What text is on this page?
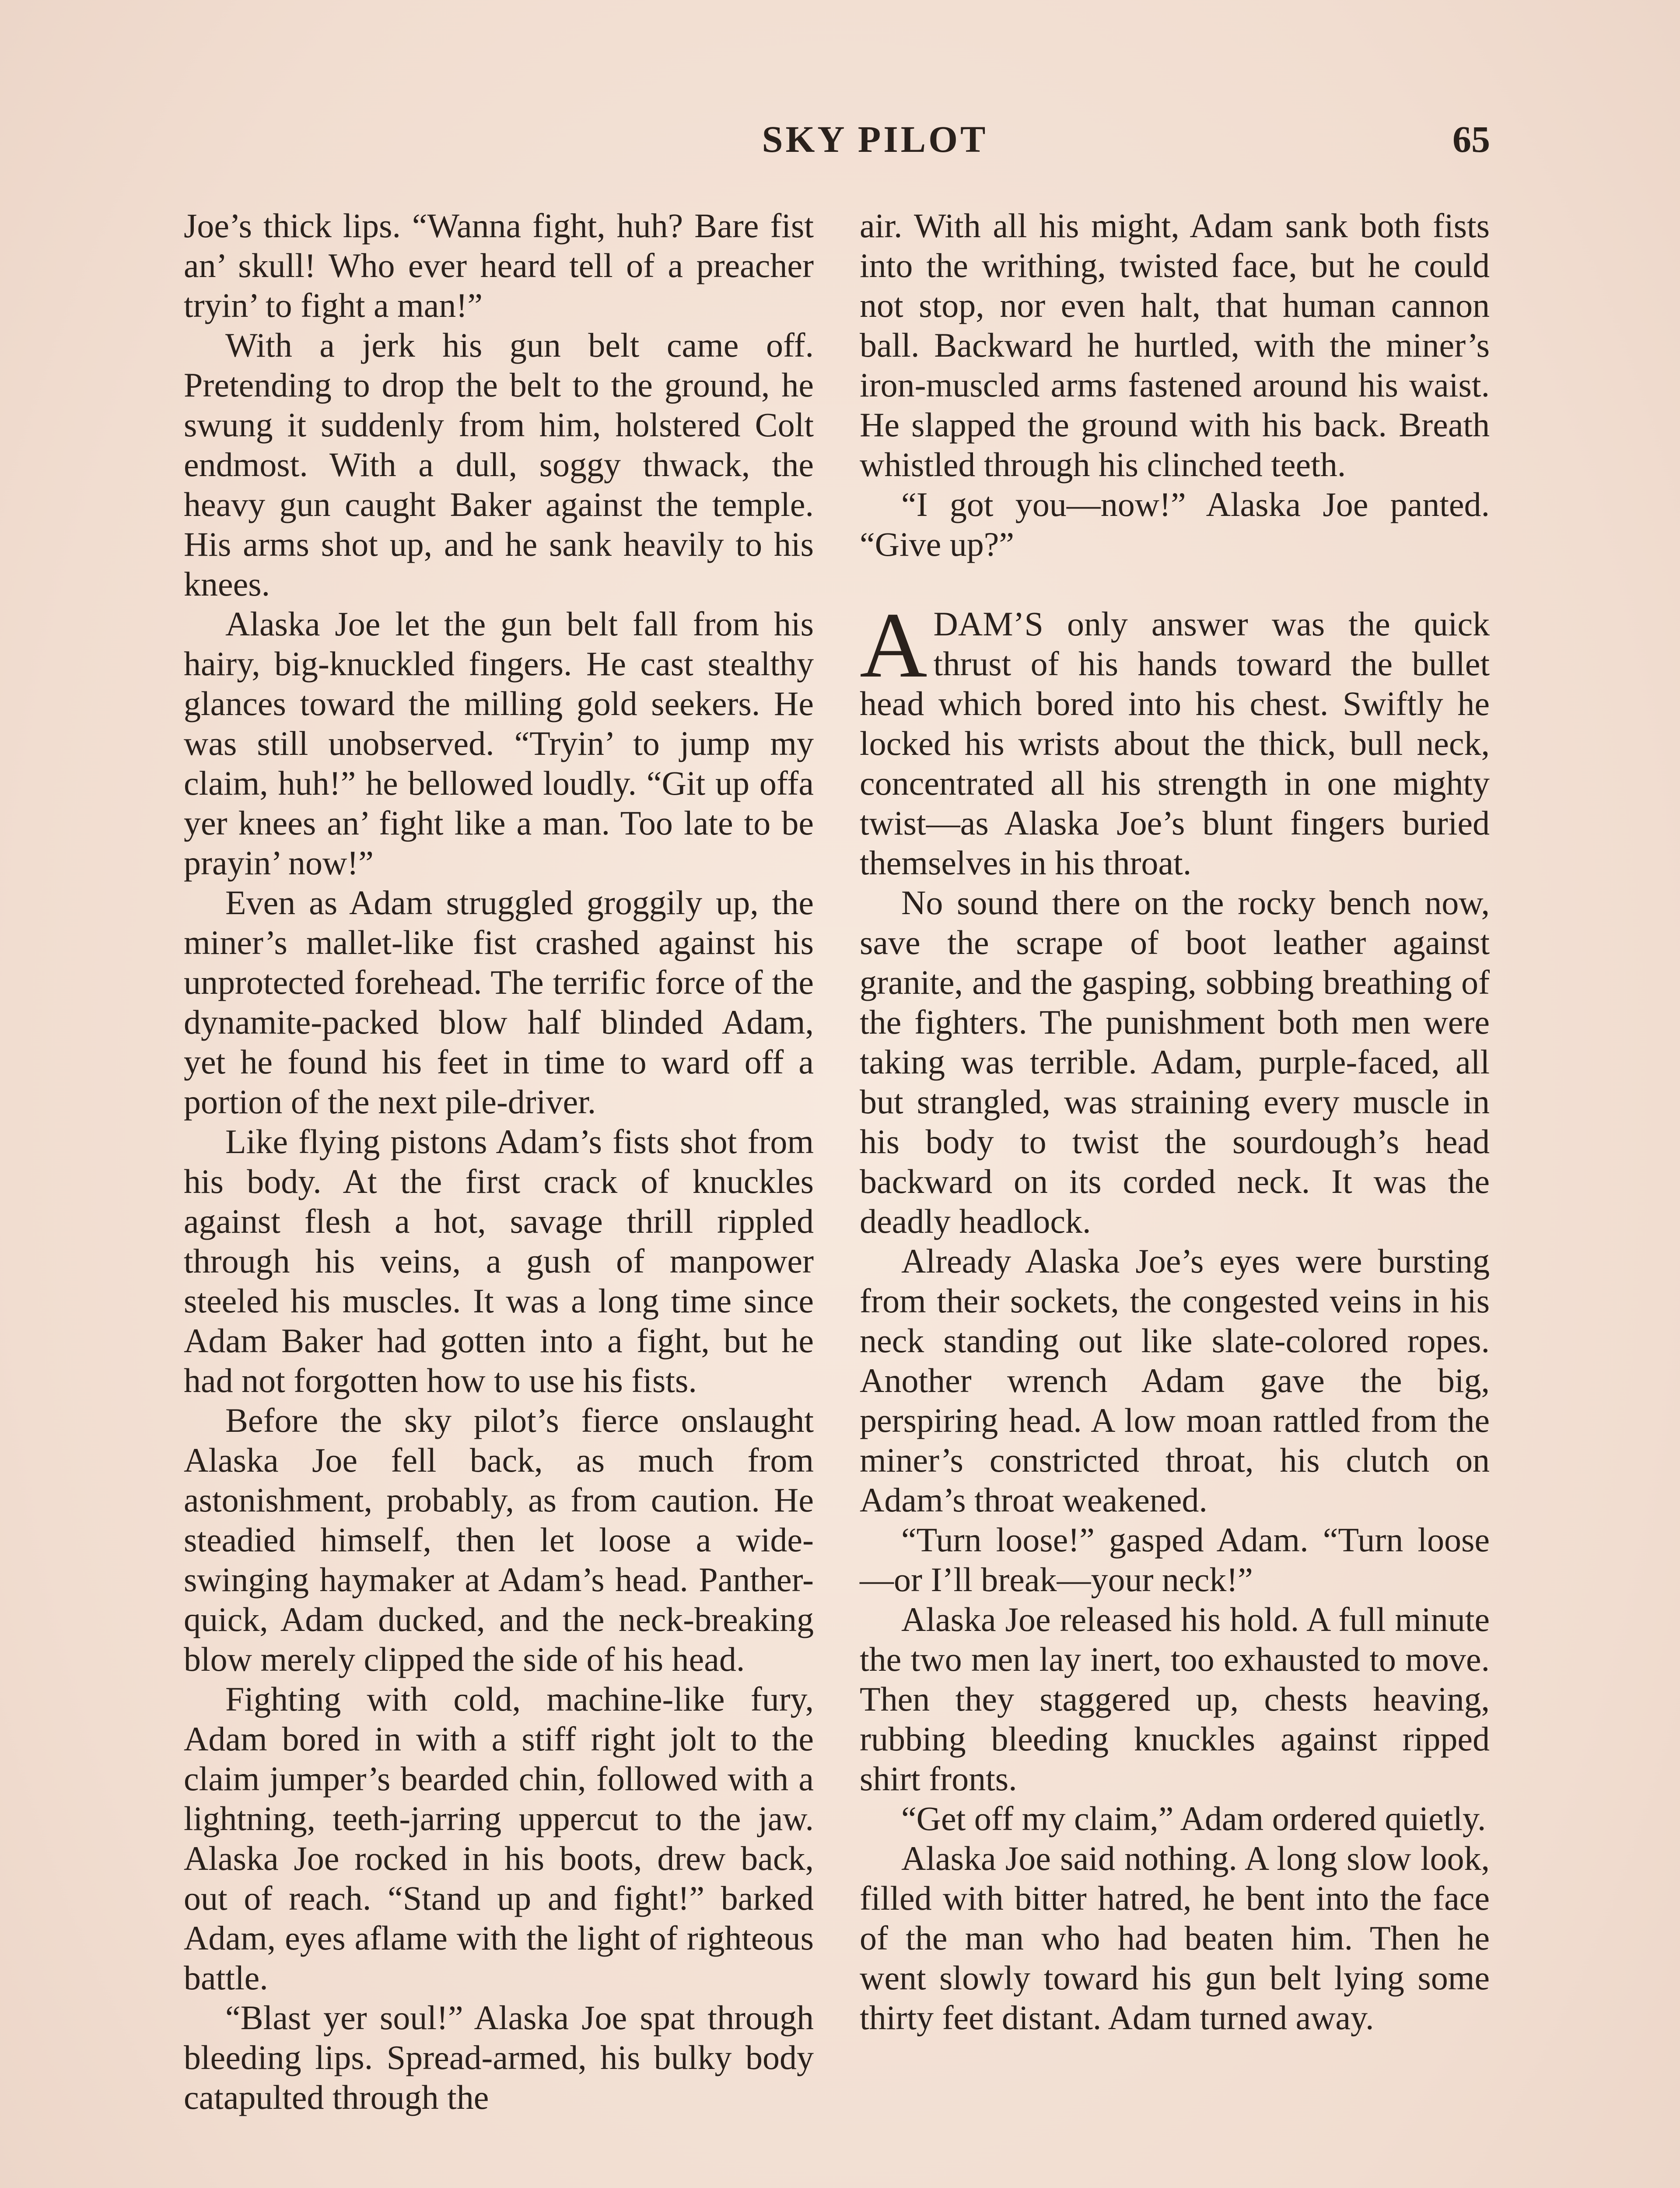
SKY PILOT	65

Joe’s thick lips. “Wanna fight, huh? Bare fist an’ skull! Who ever heard tell of a preacher tryin’ to fight a man!”

With a jerk his gun belt came off. Pretending to drop the belt to the ground, he swung it suddenly from him, holstered Colt endmost. With a dull, soggy thwack, the heavy gun caught Baker against the temple. His arms shot up, and he sank heavily to his knees.

Alaska Joe let the gun belt fall from his hairy, big-knuckled fingers. He cast stealthy glances toward the milling gold seekers. He was still unobserved. “Tryin’ to jump my claim, huh!” he bellowed loudly. “Git up offa yer knees an’ fight like a man. Too late to be prayin’ now!”

Even as Adam struggled groggily up, the miner’s mallet-like fist crashed against his unprotected forehead. The terrific force of the dynamite-packed blow half blinded Adam, yet he found his feet in time to ward off a portion of the next pile-driver.

Like flying pistons Adam’s fists shot from his body. At the first crack of knuckles against flesh a hot, savage thrill rippled through his veins, a gush of manpower steeled his muscles. It was a long time since Adam Baker had gotten into a fight, but he had not forgotten how to use his fists.

Before the sky pilot’s fierce onslaught Alaska Joe fell back, as much from astonishment, probably, as from caution. He steadied himself, then let loose a wide-swinging haymaker at Adam’s head. Panther-quick, Adam ducked, and the neck-breaking blow merely clipped the side of his head.

Fighting with cold, machine-like fury, Adam bored in with a stiff right jolt to the claim jumper’s bearded chin, followed with a lightning, teeth-jarring uppercut to the jaw. Alaska Joe rocked in his boots, drew back, out of reach. “Stand up and fight!” barked Adam, eyes aflame with the light of righteous battle.

“Blast yer soul!” Alaska Joe spat through bleeding lips. Spread-armed, his bulky body catapulted through the

air. With all his might, Adam sank both fists into the writhing, twisted face, but he could not stop, nor even halt, that human cannon ball. Backward he hurtled, with the miner’s iron-muscled arms fastened around his waist. He slapped the ground with his back. Breath whistled through his clinched teeth.

“I got you—now!” Alaska Joe panted. “Give up?”

ADAM’S only answer was the quick thrust of his hands toward the bullet head which bored into his chest. Swiftly he locked his wrists about the thick, bull neck, concentrated all his strength in one mighty twist—as Alaska Joe’s blunt fingers buried themselves in his throat.

No sound there on the rocky bench now, save the scrape of boot leather against granite, and the gasping, sobbing breathing of the fighters. The punishment both men were taking was terrible. Adam, purple-faced, all but strangled, was straining every muscle in his body to twist the sourdough’s head backward on its corded neck. It was the deadly headlock.

Already Alaska Joe’s eyes were bursting from their sockets, the congested veins in his neck standing out like slate-colored ropes. Another wrench Adam gave the big, perspiring head. A low moan rattled from the miner’s constricted throat, his clutch on Adam’s throat weakened.

“Turn loose!” gasped Adam. “Turn loose—or I’ll break—your neck!”

Alaska Joe released his hold. A full minute the two men lay inert, too exhausted to move. Then they staggered up, chests heaving, rubbing bleeding knuckles against ripped shirt fronts.

“Get off my claim,” Adam ordered quietly.

Alaska Joe said nothing. A long slow look, filled with bitter hatred, he bent into the face of the man who had beaten him. Then he went slowly toward his gun belt lying some thirty feet distant. Adam turned away.
